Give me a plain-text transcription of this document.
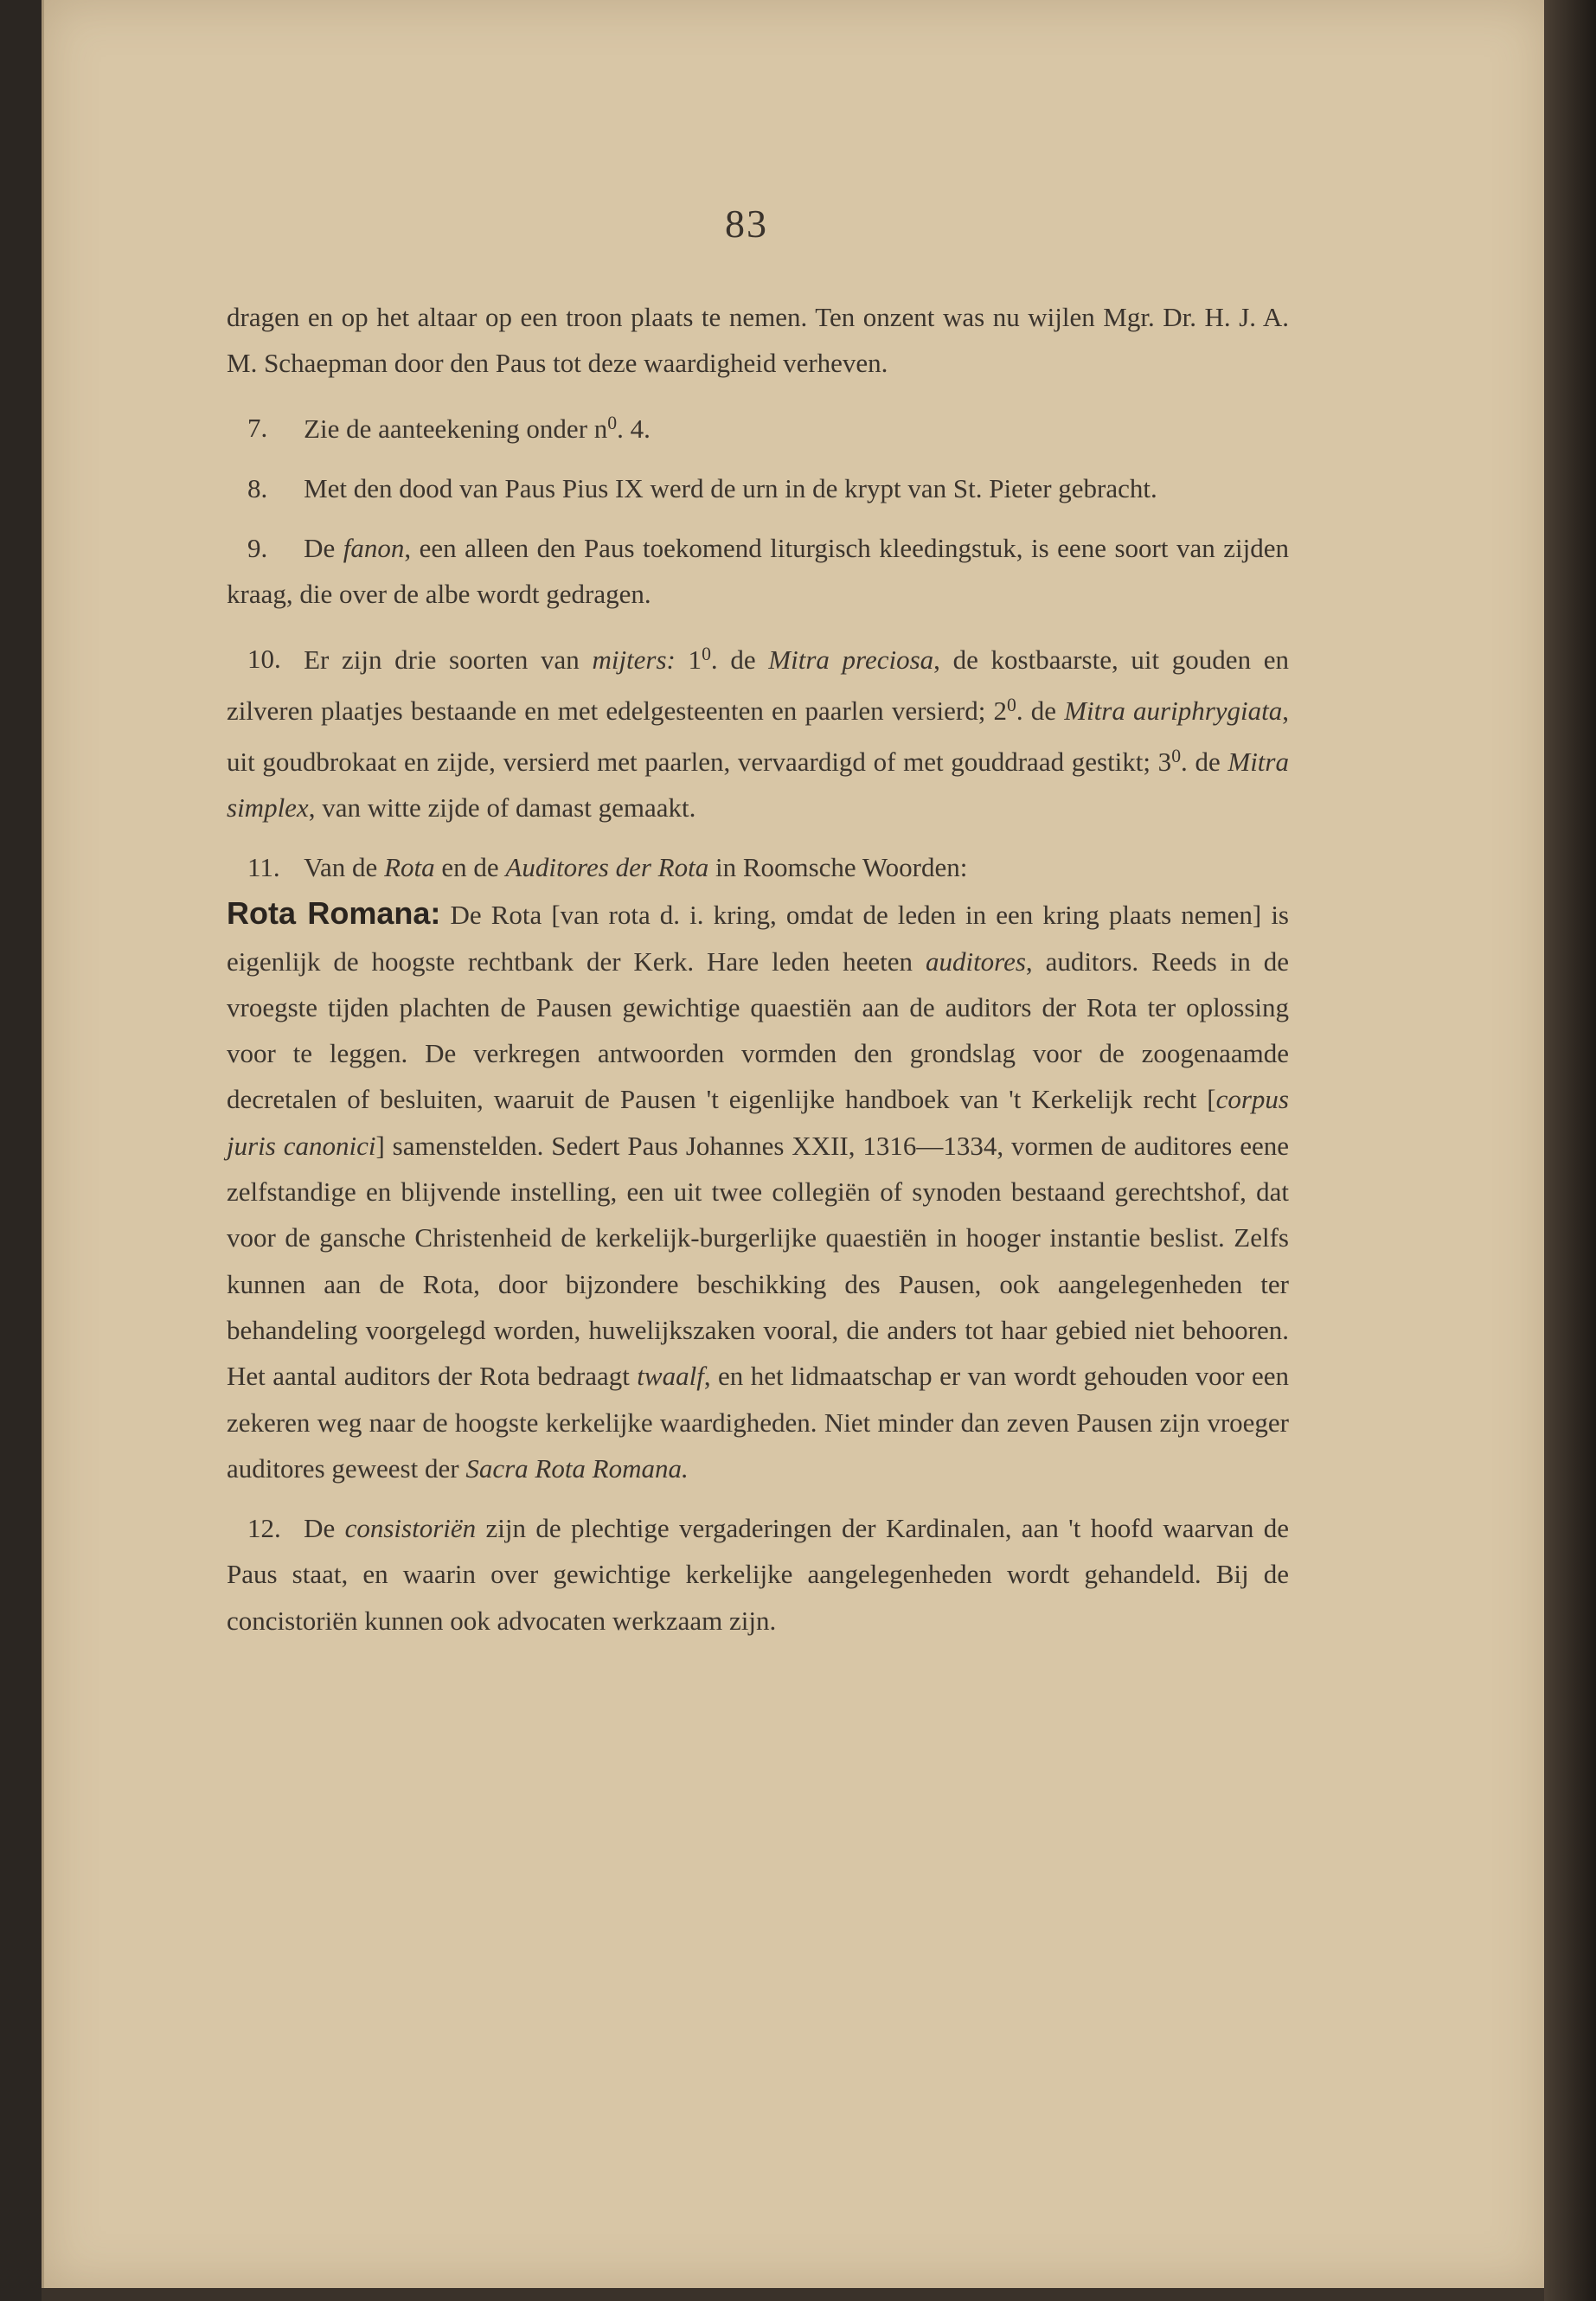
83

dragen en op het altaar op een troon plaats te nemen. Ten onzent was nu wijlen Mgr. Dr. H. J. A. M. Schaepman door den Paus tot deze waardigheid verheven.

7. Zie de aanteekening onder n$^0$. 4.

8. Met den dood van Paus Pius IX werd de urn in de krypt van St. Pieter gebracht.

9. De fanon, een alleen den Paus toekomend liturgisch kleedingstuk, is eene soort van zijden kraag, die over de albe wordt gedragen.

10. Er zijn drie soorten van mijters: 1$^0$. de Mitra preciosa, de kostbaarste, uit gouden en zilveren plaatjes bestaande en met edelgesteenten en paarlen versierd; 2$^0$. de Mitra auriphrygiata, uit goudbrokaat en zijde, versierd met paarlen, vervaardigd of met gouddraad gestikt; 3$^0$. de Mitra simplex, van witte zijde of damast gemaakt.

11. Van de Rota en de Auditores der Rota in Roomsche Woorden:
Rota Romana: De Rota [van rota d. i. kring, omdat de leden in een kring plaats nemen] is eigenlijk de hoogste rechtbank der Kerk. Hare leden heeten auditores, auditors. Reeds in de vroegste tijden plachten de Pausen gewichtige quaestiën aan de auditors der Rota ter oplossing voor te leggen. De verkregen antwoorden vormden den grondslag voor de zoogenaamde decretalen of besluiten, waaruit de Pausen 't eigenlijke handboek van 't Kerkelijk recht [corpus juris canonici] samenstelden. Sedert Paus Johannes XXII, 1316—1334, vormen de auditores eene zelfstandige en blijvende instelling, een uit twee collegiën of synoden bestaand gerechtshof, dat voor de gansche Christenheid de kerkelijk-burgerlijke quaestiën in hooger instantie beslist. Zelfs kunnen aan de Rota, door bijzondere beschikking des Pausen, ook aangelegenheden ter behandeling voorgelegd worden, huwelijkszaken vooral, die anders tot haar gebied niet behooren. Het aantal auditors der Rota bedraagt twaalf, en het lidmaatschap er van wordt gehouden voor een zekeren weg naar de hoogste kerkelijke waardigheden. Niet minder dan zeven Pausen zijn vroeger auditores geweest der Sacra Rota Romana.

12. De consistoriën zijn de plechtige vergaderingen der Kardinalen, aan 't hoofd waarvan de Paus staat, en waarin over gewichtige kerkelijke aangelegenheden wordt gehandeld. Bij de concistoriën kunnen ook advocaten werkzaam zijn.
